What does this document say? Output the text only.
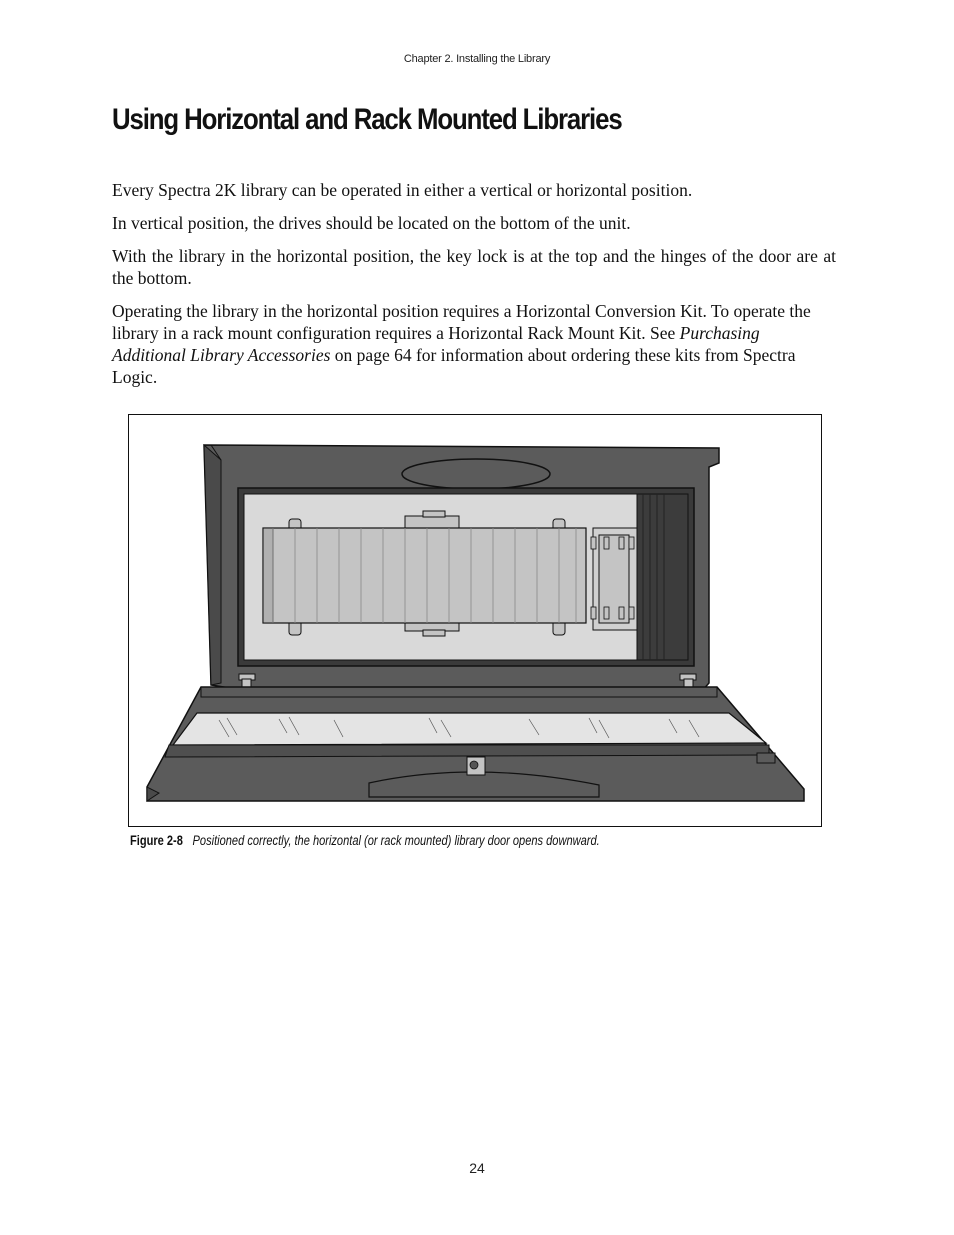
Chapter 2. Installing the Library
Using Horizontal and Rack Mounted Libraries

Every Spectra 2K library can be operated in either a vertical or horizontal position.

In vertical position, the drives should be located on the bottom of the unit.

With the library in the horizontal position, the key lock is at the top and the hinges of the door are at the bottom.

Operating the library in the horizontal position requires a Horizontal Conversion Kit. To operate the library in a rack mount configuration requires a Horizontal Rack Mount Kit. See Purchasing Additional Library Accessories on page 64 for information about ordering these kits from Spectra Logic.

Figure 2-8 Positioned correctly, the horizontal (or rack mounted) library door opens downward.
24
